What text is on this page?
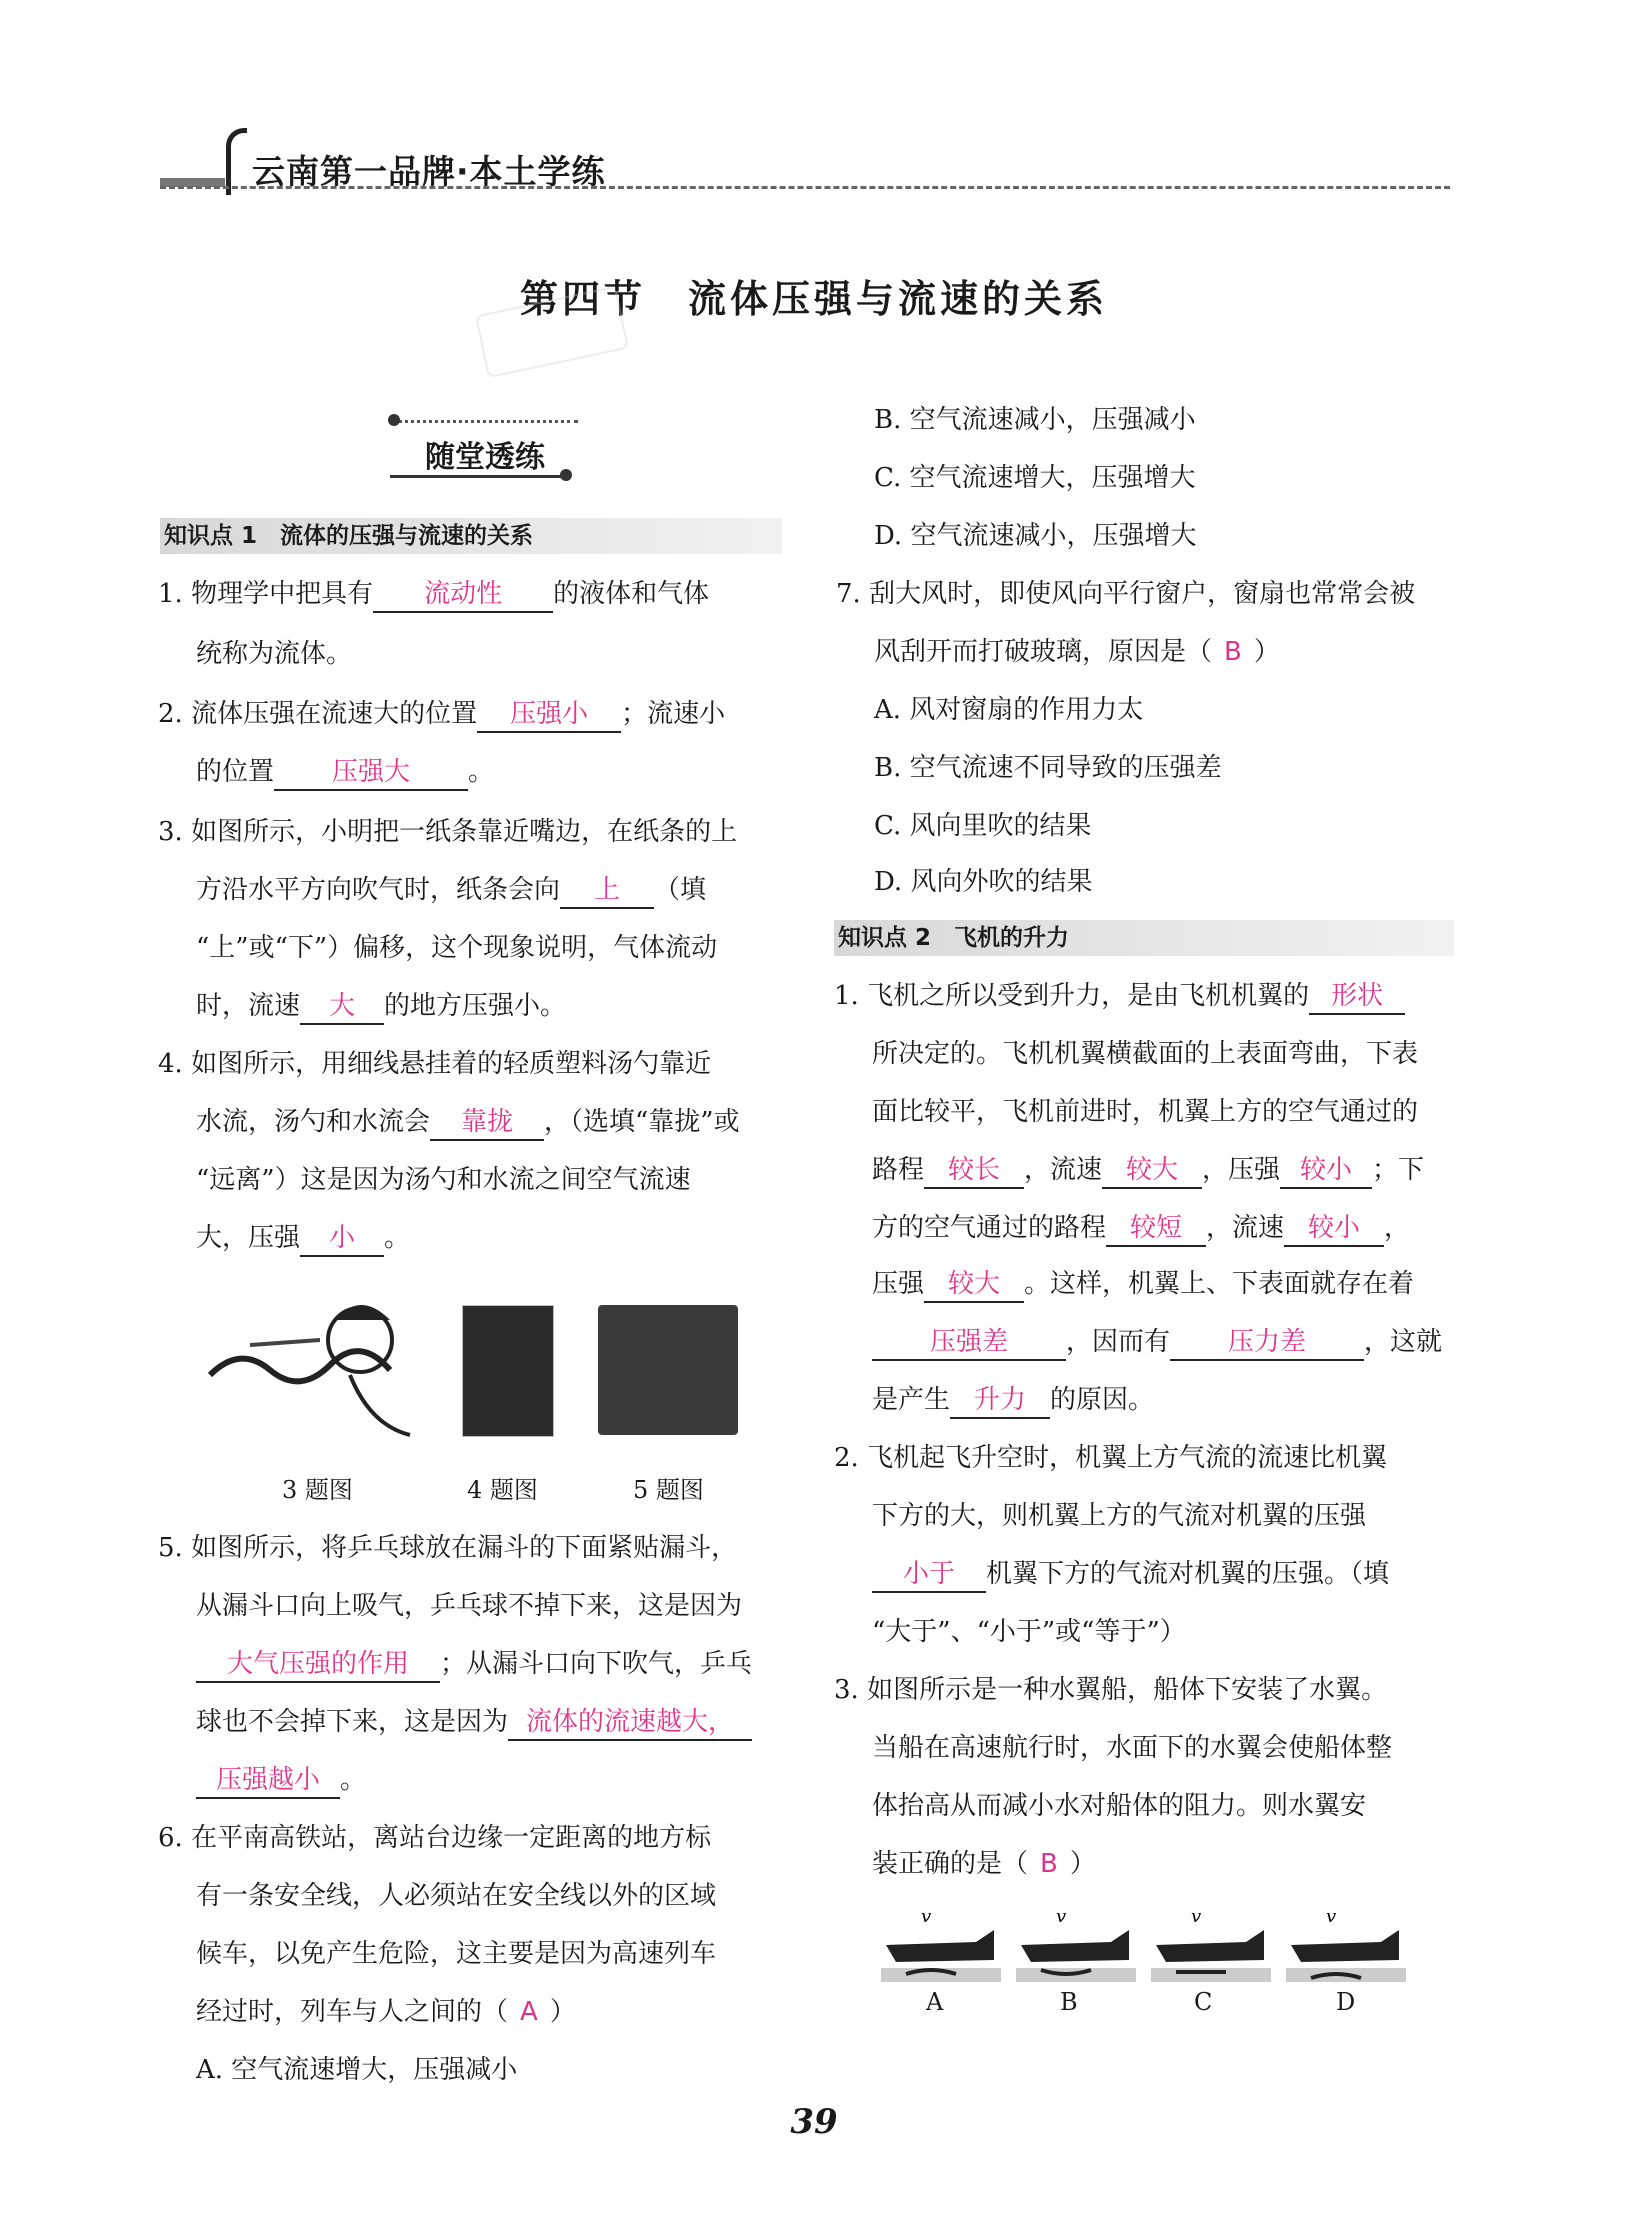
云南第一品牌·本土学练
第四节　流体压强与流速的关系
随堂透练
知识点 1　流体的压强与流速的关系
1. 物理学中把具有 流动性 的液体和气体
统称为流体。
2. 流体压强在流速大的位置 压强小 ；流速小
的位置 压强大 。
3. 如图所示，小明把一纸条靠近嘴边，在纸条的上
方沿水平方向吹气时，纸条会向 上 （填
“上”或“下”）偏移，这个现象说明，气体流动
时，流速 大 的地方压强小。
4. 如图所示，用细线悬挂着的轻质塑料汤勺靠近
水流，汤勺和水流会 靠拢 ，（选填“靠拢”或
“远离”）这是因为汤勺和水流之间空气流速
大，压强 小 。
3 题图	4 题图	5 题图
5. 如图所示，将乒乓球放在漏斗的下面紧贴漏斗，
从漏斗口向上吸气，乒乓球不掉下来，这是因为
大气压强的作用 ；从漏斗口向下吹气，乒乓
球也不会掉下来，这是因为 流体的流速越大，
压强越小 。
6. 在平南高铁站，离站台边缘一定距离的地方标
有一条安全线，人必须站在安全线以外的区域
候车，以免产生危险，这主要是因为高速列车
经过时，列车与人之间的（ A ）
A. 空气流速增大，压强减小
B. 空气流速减小，压强减小
C. 空气流速增大，压强增大
D. 空气流速减小，压强增大
7. 刮大风时，即使风向平行窗户，窗扇也常常会被
风刮开而打破玻璃，原因是（ B ）
A. 风对窗扇的作用力太
B. 空气流速不同导致的压强差
C. 风向里吹的结果
D. 风向外吹的结果
知识点 2　飞机的升力
1. 飞机之所以受到升力，是由飞机机翼的 形状
所决定的。飞机机翼横截面的上表面弯曲，下表
面比较平，飞机前进时，机翼上方的空气通过的
路程 较长 ，流速 较大 ，压强 较小 ；下
方的空气通过的路程 较短 ，流速 较小 ，
压强 较大 。这样，机翼上、下表面就存在着
压强差 ，因而有 压力差 ，这就
是产生 升力 的原因。
2. 飞机起飞升空时，机翼上方气流的流速比机翼
下方的大，则机翼上方的气流对机翼的压强
小于 机翼下方的气流对机翼的压强。（填
“大于”、“小于”或“等于”）
3. 如图所示是一种水翼船，船体下安装了水翼。
当船在高速航行时，水面下的水翼会使船体整
体抬高从而减小水对船体的阻力。则水翼安
装正确的是（ B ）
v	v	v	v
A	B	C	D
39
